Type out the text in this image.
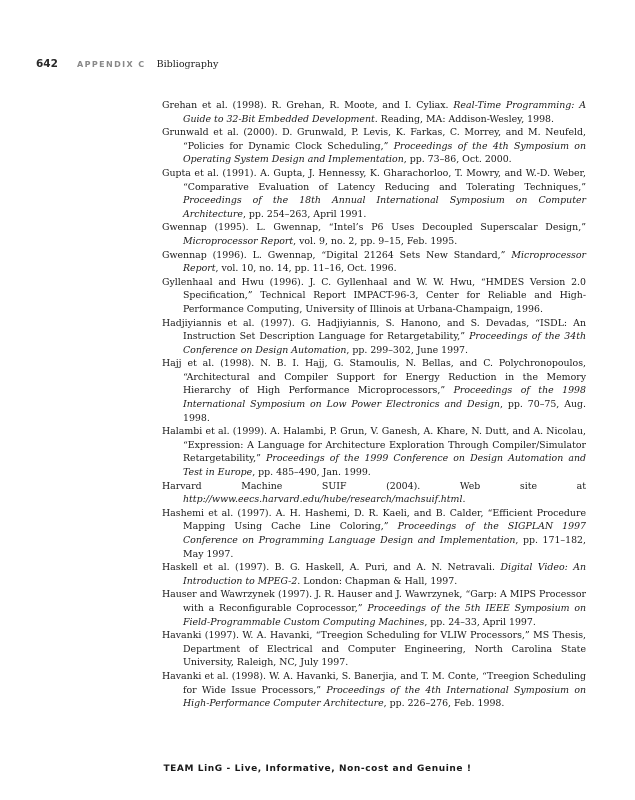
642 APPENDIX C Bibliography

Grehan et al. (1998). R. Grehan, R. Moote, and I. Cyliax. Real-Time Programming: A Guide to 32-Bit Embedded Development. Reading, MA: Addison-Wesley, 1998.

Grunwald et al. (2000). D. Grunwald, P. Levis, K. Farkas, C. Morrey, and M. Neufeld, “Policies for Dynamic Clock Scheduling,” Proceedings of the 4th Symposium on Operating System Design and Implementation, pp. 73–86, Oct. 2000.

Gupta et al. (1991). A. Gupta, J. Hennessy, K. Gharachorloo, T. Mowry, and W.-D. Weber, “Comparative Evaluation of Latency Reducing and Tolerating Techniques,” Proceedings of the 18th Annual International Symposium on Computer Architecture, pp. 254–263, April 1991.

Gwennap (1995). L. Gwennap, “Intel’s P6 Uses Decoupled Superscalar Design,” Microprocessor Report, vol. 9, no. 2, pp. 9–15, Feb. 1995.

Gwennap (1996). L. Gwennap, “Digital 21264 Sets New Standard,” Microprocessor Report, vol. 10, no. 14, pp. 11–16, Oct. 1996.

Gyllenhaal and Hwu (1996). J. C. Gyllenhaal and W. W. Hwu, “HMDES Version 2.0 Specification,” Technical Report IMPACT-96-3, Center for Reliable and High-Performance Computing, University of Illinois at Urbana-Champaign, 1996.

Hadjiyiannis et al. (1997). G. Hadjiyiannis, S. Hanono, and S. Devadas, “ISDL: An Instruction Set Description Language for Retargetability,” Proceedings of the 34th Conference on Design Automation, pp. 299–302, June 1997.

Hajj et al. (1998). N. B. I. Hajj, G. Stamoulis, N. Bellas, and C. Polychronopoulos, “Architectural and Compiler Support for Energy Reduction in the Memory Hierarchy of High Performance Microprocessors,” Proceedings of the 1998 International Symposium on Low Power Electronics and Design, pp. 70–75, Aug. 1998.

Halambi et al. (1999). A. Halambi, P. Grun, V. Ganesh, A. Khare, N. Dutt, and A. Nicolau, “Expression: A Language for Architecture Exploration Through Compiler/Simulator Retargetability,” Proceedings of the 1999 Conference on Design Automation and Test in Europe, pp. 485–490, Jan. 1999.

Harvard Machine SUIF (2004). Web site at http://www.eecs.harvard.edu/hube/research/machsuif.html.

Hashemi et al. (1997). A. H. Hashemi, D. R. Kaeli, and B. Calder, “Efficient Procedure Mapping Using Cache Line Coloring,” Proceedings of the SIGPLAN 1997 Conference on Programming Language Design and Implementation, pp. 171–182, May 1997.

Haskell et al. (1997). B. G. Haskell, A. Puri, and A. N. Netravali. Digital Video: An Introduction to MPEG-2. London: Chapman & Hall, 1997.

Hauser and Wawrzynek (1997). J. R. Hauser and J. Wawrzynek, “Garp: A MIPS Processor with a Reconfigurable Coprocessor,” Proceedings of the 5th IEEE Symposium on Field-Programmable Custom Computing Machines, pp. 24–33, April 1997.

Havanki (1997). W. A. Havanki, “Treegion Scheduling for VLIW Processors,” MS Thesis, Department of Electrical and Computer Engineering, North Carolina State University, Raleigh, NC, July 1997.

Havanki et al. (1998). W. A. Havanki, S. Banerjia, and T. M. Conte, “Treegion Scheduling for Wide Issue Processors,” Proceedings of the 4th International Symposium on High-Performance Computer Architecture, pp. 226–276, Feb. 1998.

TEAM LinG - Live, Informative, Non-cost and Genuine !
